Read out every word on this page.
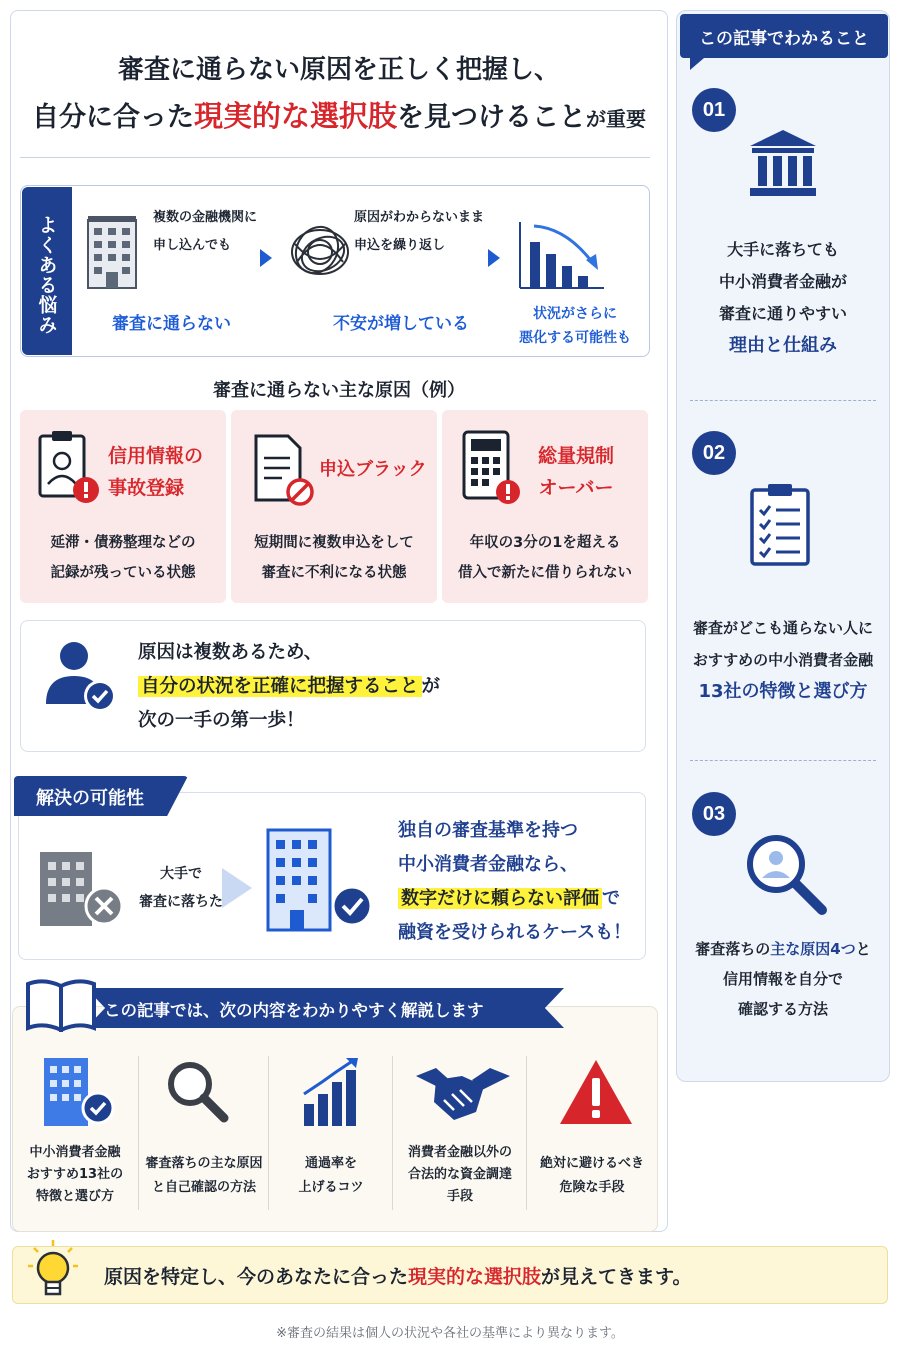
審査に通らない原因を正しく把握し、
自分に合った現実的な選択肢を見つけることが重要
よくある悩み	複数の金融機関に
申し込んでも
審査に通らない
原因がわからないまま
申込を繰り返し
不安が増している	状況がさらに
悪化する可能性も
審査に通らない主な原因（例）
信用情報の
事故登録
延滞・債務整理などの
記録が残っている状態
申込ブラック
短期間に複数申込をして
審査に不利になる状態
総量規制
オーバー
年収の3分の1を超える
借入で新たに借りられない
原因は複数あるため、
自分の状況を正確に把握すること が
次の一手の第一歩！
解決の可能性
大手で
審査に落ちた
独自の審査基準を持つ
中小消費者金融なら、
数字だけに頼らない評価 で
融資を受けられるケースも！
この記事では、次の内容をわかりやすく解説します
中小消費者金融
おすすめ13社の
特徴と選び方
審査落ちの主な原因
と自己確認の方法
通過率を
上げるコツ
消費者金融以外の
合法的な資金調達
手段
絶対に避けるべき
危険な手段
原因を特定し、今のあなたに合った現実的な選択肢が見えてきます。
※審査の結果は個人の状況や各社の基準により異なります。
この記事でわかること
01
大手に落ちても
中小消費者金融が
審査に通りやすい
理由と仕組み
02
審査がどこも通らない人に
おすすめの中小消費者金融
13社の特徴と選び方
03
審査落ちの主な原因4つと
信用情報を自分で
確認する方法
